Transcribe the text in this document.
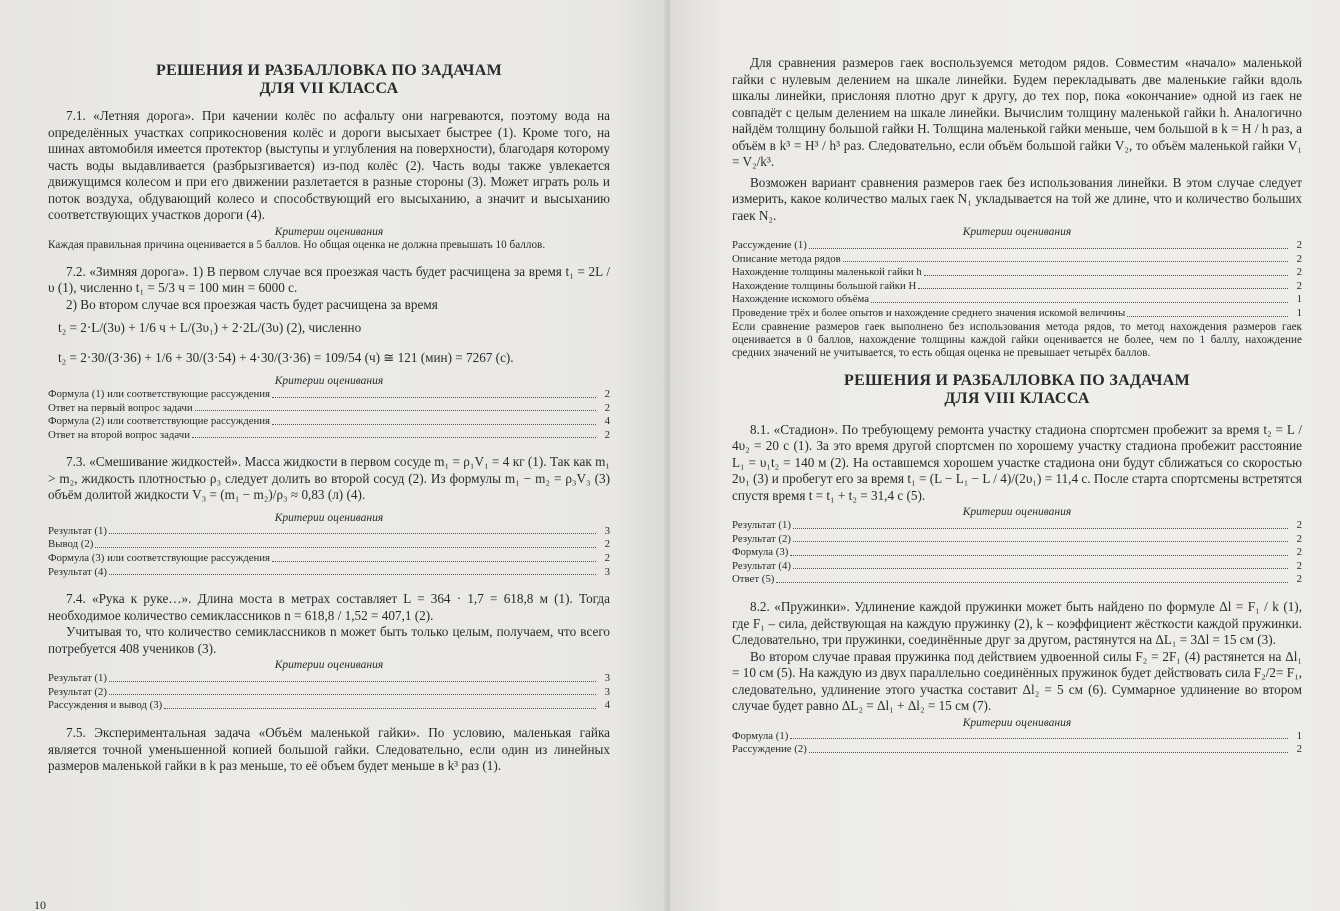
РЕШЕНИЯ И РАЗБАЛЛОВКА ПО ЗАДАЧАМ
ДЛЯ VII КЛАССА

7.1. «Летняя дорога». При качении колёс по асфальту они нагреваются, поэтому вода на определённых участках соприкосновения колёс и дороги высыхает быстрее (1). Кроме того, на шинах автомобиля имеется протектор (выступы и углубления на поверхности), благодаря которому часть воды выдавливается (разбрызгивается) из-под колёс (2). Часть воды также увлекается движущимся колесом и при его движении разлетается в разные стороны (3). Может играть роль и поток воздуха, обдувающий колесо и способствующий его высыханию, а значит и высыханию соответствующих участков дороги (4).

Критерии оценивания

Каждая правильная причина оценивается в 5 баллов. Но общая оценка не должна превышать 10 баллов.

7.2. «Зимняя дорога». 1) В первом случае вся проезжая часть будет расчищена за время t₁ = 2L / υ (1), численно t₁ = 5/3 ч = 100 мин = 6000 с.

2) Во втором случае вся проезжая часть будет расчищена за время

t₂ = 2·L/(3υ) + 1/6 ч + L/(3υ₁) + 2·2L/(3υ) (2), численно
t₂ = 2·30/(3·36) + 1/6 + 30/(3·54) + 4·30/(3·36) = 109/54 (ч) ≅ 121 (мин) = 7267 (с).
Критерии оценивания
Формула (1) или соответствующие рассуждения	2
Ответ на первый вопрос задачи	2
Формула (2) или соответствующие рассуждения	4
Ответ на второй вопрос задачи	2

7.3. «Смешивание жидкостей». Масса жидкости в первом сосуде m₁ = ρ₁V₁ = 4 кг (1). Так как m₁ > m₂, жидкость плотностью ρ₃ следует долить во второй сосуд (2). Из формулы m₁ − m₂ = ρ₃V₃ (3) объём долитой жидкости V₃ = (m₁ − m₂)/ρ₃ ≈ 0,83 (л) (4).

Критерии оценивания
Результат (1)	3
Вывод (2)	2
Формула (3) или соответствующие рассуждения	2
Результат (4)	3

7.4. «Рука к руке…». Длина моста в метрах составляет L = 364 · 1,7 = 618,8 м (1). Тогда необходимое количество семиклассников n = 618,8 / 1,52 = 407,1 (2).

Учитывая то, что количество семиклассников n может быть только целым, получаем, что всего потребуется 408 учеников (3).

Критерии оценивания
Результат (1)	3
Результат (2)	3
Рассуждения и вывод (3)	4

7.5. Экспериментальная задача «Объём маленькой гайки». По условию, маленькая гайка является точной уменьшенной копией большой гайки. Следовательно, если один из линейных размеров маленькой гайки в k раз меньше, то её объем будет меньше в k³ раз (1).

10

Для сравнения размеров гаек воспользуемся методом рядов. Совместим «начало» маленькой гайки с нулевым делением на шкале линейки. Будем перекладывать две маленькие гайки вдоль шкалы линейки, прислоняя плотно друг к другу, до тех пор, пока «окончание» одной из гаек не совпадёт с целым делением на шкале линейки. Вычислим толщину маленькой гайки h. Аналогично найдём толщину большой гайки H. Толщина маленькой гайки меньше, чем большой в k = H / h раз, а объём в k³ = H³ / h³ раз. Следовательно, если объём большой гайки V₂, то объём маленькой гайки V₁ = V₂/k³.

Возможен вариант сравнения размеров гаек без использования линейки. В этом случае следует измерить, какое количество малых гаек N₁ укладывается на той же длине, что и количество больших гаек N₂.

Критерии оценивания
Рассуждение (1)	2
Описание метода рядов	2
Нахождение толщины маленькой гайки h	2
Нахождение толщины большой гайки H	2
Нахождение искомого объёма	1
Проведение трёх и более опытов и нахождение среднего значения искомой величины	1

Если сравнение размеров гаек выполнено без использования метода рядов, то метод нахождения размеров гаек оценивается в 0 баллов, нахождение толщины каждой гайки оценивается не более, чем по 1 баллу, нахождение средних значений не учитывается, то есть общая оценка не превышает четырёх баллов.

РЕШЕНИЯ И РАЗБАЛЛОВКА ПО ЗАДАЧАМ
ДЛЯ VIII КЛАССА

8.1. «Стадион». По требующему ремонта участку стадиона спортсмен пробежит за время t₂ = L / 4υ₂ = 20 с (1). За это время другой спортсмен по хорошему участку стадиона пробежит расстояние L₁ = υ₁t₂ = 140 м (2). На оставшемся хорошем участке стадиона они будут сближаться со скоростью 2υ₁ (3) и пробегут его за время t₁ = (L − L₁ − L / 4)/(2υ₁) = 11,4 с. После старта спортсмены встретятся спустя время t = t₁ + t₂ = 31,4 с (5).

Критерии оценивания
Результат (1)	2
Результат (2)	2
Формула (3)	2
Результат (4)	2
Ответ (5)	2

8.2. «Пружинки». Удлинение каждой пружинки может быть найдено по формуле Δl = F₁ / k (1), где F₁ – сила, действующая на каждую пружинку (2), k – коэффициент жёсткости каждой пружинки. Следовательно, три пружинки, соединённые друг за другом, растянутся на ΔL₁ = 3Δl = 15 см (3).

Во втором случае правая пружинка под действием удвоенной силы F₂ = 2F₁ (4) растянется на Δl₁ = 10 см (5). На каждую из двух параллельно соединённых пружинок будет действовать сила F₂/2= F₁, следовательно, удлинение этого участка составит Δl₂ = 5 см (6). Суммарное удлинение во втором случае будет равно ΔL₂ = Δl₁ + Δl₂ = 15 см (7).

Критерии оценивания
Формула (1)	1
Рассуждение (2)	2
